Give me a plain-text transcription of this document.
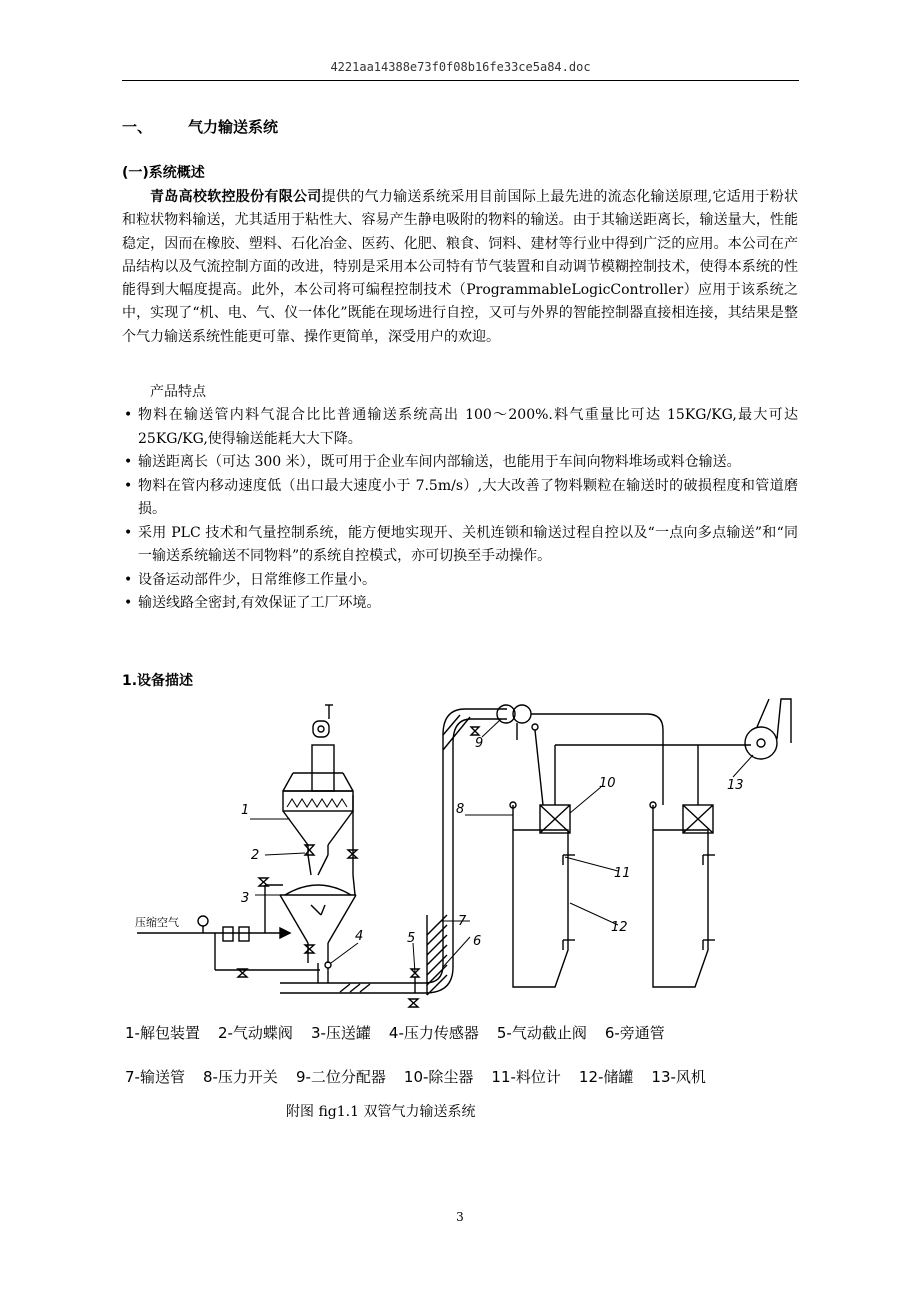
4221aa14388e73f0f08b16fe33ce5a84.doc
一、 气力输送系统
(一)系统概述
青岛高校软控股份有限公司提供的气力输送系统采用目前国际上最先进的流态化输送原理,它适用于粉状和粒状物料输送，尤其适用于粘性大、容易产生静电吸附的物料的输送。由于其输送距离长，输送量大，性能稳定，因而在橡胶、塑料、石化冶金、医药、化肥、粮食、饲料、建材等行业中得到广泛的应用。本公司在产品结构以及气流控制方面的改进，特别是采用本公司特有节气装置和自动调节模糊控制技术，使得本系统的性能得到大幅度提高。此外，本公司将可编程控制技术（ProgrammableLogicController）应用于该系统之中，实现了“机、电、气、仪一体化”既能在现场进行自控，又可与外界的智能控制器直接相连接，其结果是整个气力输送系统性能更可靠、操作更简单，深受用户的欢迎。
产品特点
• 物料在输送管内料气混合比比普通输送系统高出 100～200%.料气重量比可达 15KG/KG,最大可达 25KG/KG,使得输送能耗大大下降。
• 输送距离长（可达 300 米），既可用于企业车间内部输送，也能用于车间向物料堆场或料仓输送。
• 物料在管内移动速度低（出口最大速度小于 7.5m/s）,大大改善了物料颗粒在输送时的破损程度和管道磨损。
• 采用 PLC 技术和气量控制系统，能方便地实现开、关机连锁和输送过程自控以及“一点向多点输送”和“同一输送系统输送不同物料”的系统自控模式，亦可切换至手动操作。
• 设备运动部件少，日常维修工作量小。
• 输送线路全密封,有效保证了工厂环境。
1.设备描述
1
2
3
4	5	6
7
8
9
10
11
12
13
压缩空气
1-解包装置 2-气动蝶阀 3-压送罐 4-压力传感器 5-气动截止阀 6-旁通管
7-输送管 8-压力开关 9-二位分配器 10-除尘器 11-料位计 12-储罐 13-风机
附图 fig1.1 双管气力输送系统
3
